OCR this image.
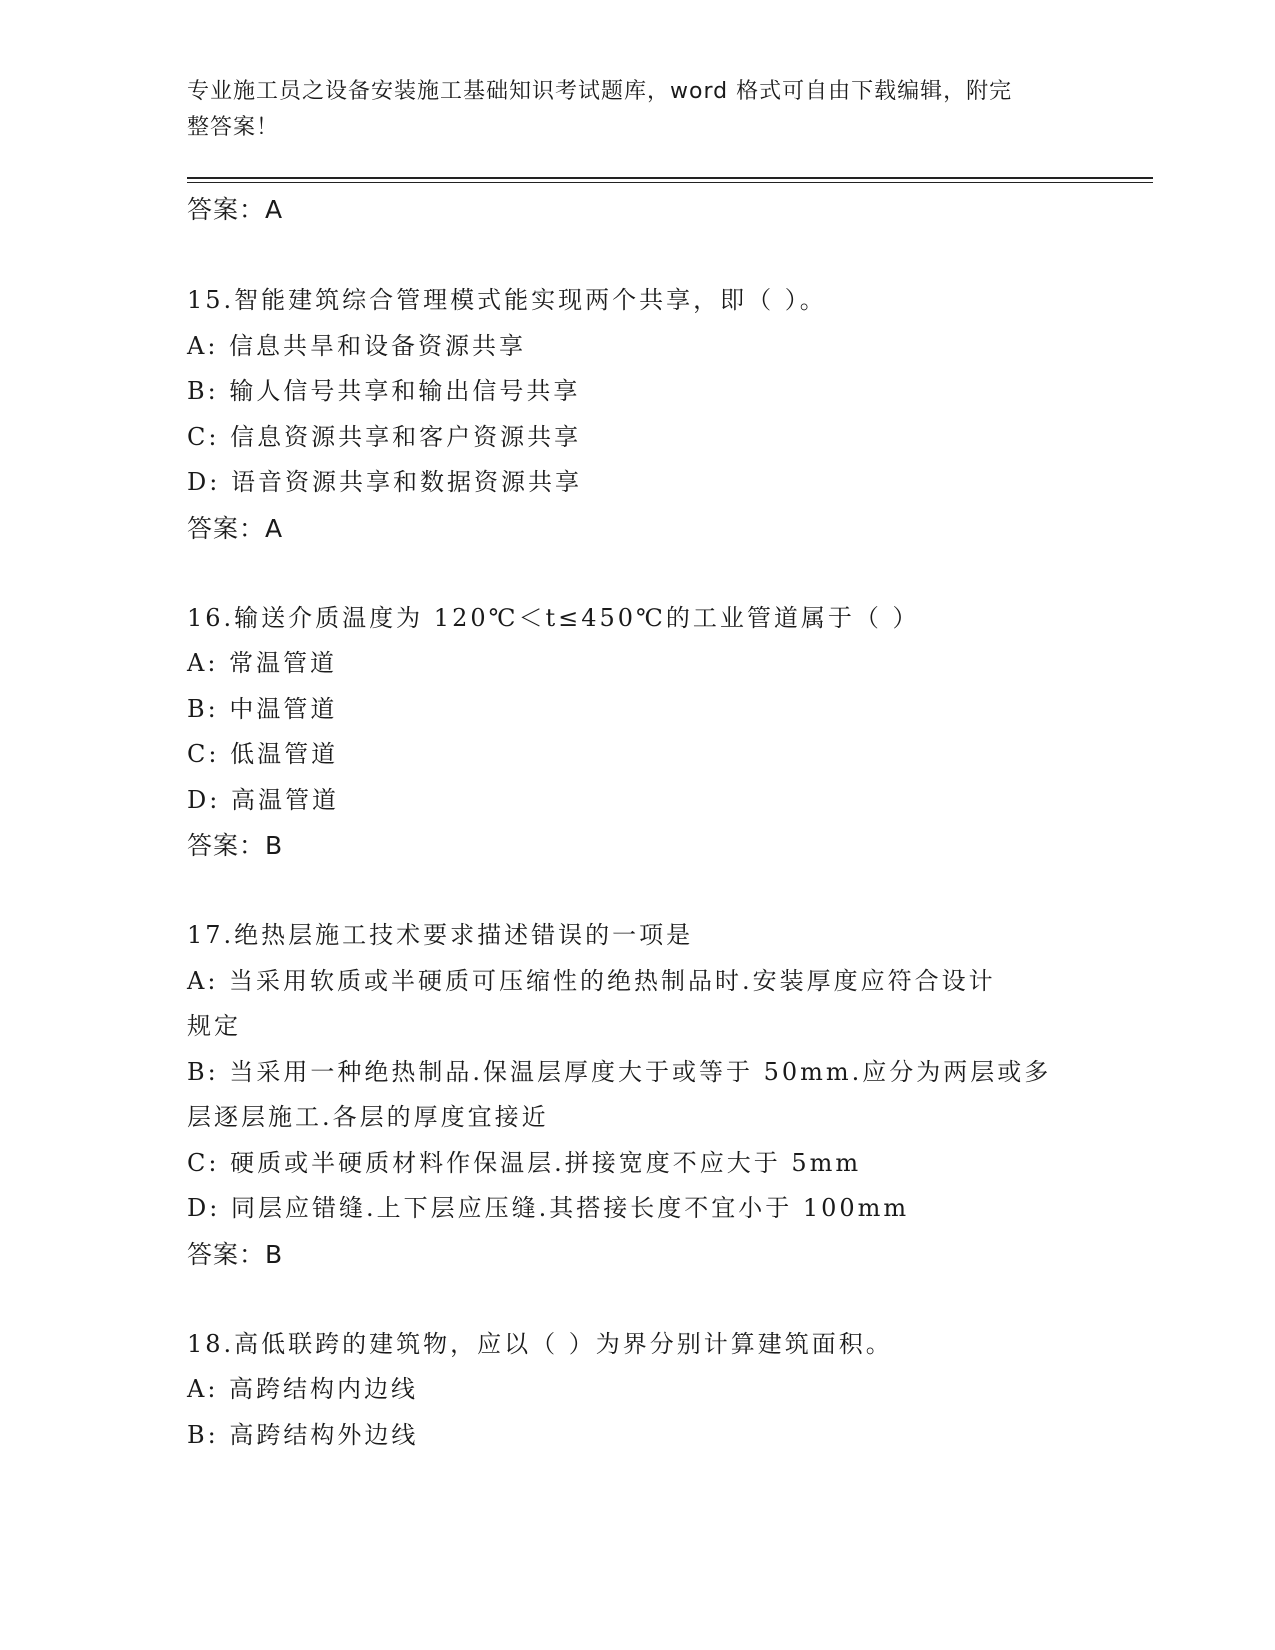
专业施工员之设备安装施工基础知识考试题库，word 格式可自由下载编辑，附完
整答案！
答案：A
15.智能建筑综合管理模式能实现两个共享，即（ ）。
A: 信息共旱和设备资源共享
B: 输人信号共享和输出信号共享
C: 信息资源共享和客户资源共享
D: 语音资源共享和数据资源共享
答案：A
16.输送介质温度为 120℃＜t≤450℃的工业管道属于（ ）
A: 常温管道
B: 中温管道
C: 低温管道
D: 高温管道
答案：B
17.绝热层施工技术要求描述错误的一项是
A: 当采用软质或半硬质可压缩性的绝热制品时.安装厚度应符合设计
规定
B: 当采用一种绝热制品.保温层厚度大于或等于 50mm.应分为两层或多
层逐层施工.各层的厚度宜接近
C: 硬质或半硬质材料作保温层.拼接宽度不应大于 5mm
D: 同层应错缝.上下层应压缝.其搭接长度不宜小于 100mm
答案：B
18.高低联跨的建筑物，应以（ ）为界分别计算建筑面积。
A: 高跨结构内边线
B: 高跨结构外边线
